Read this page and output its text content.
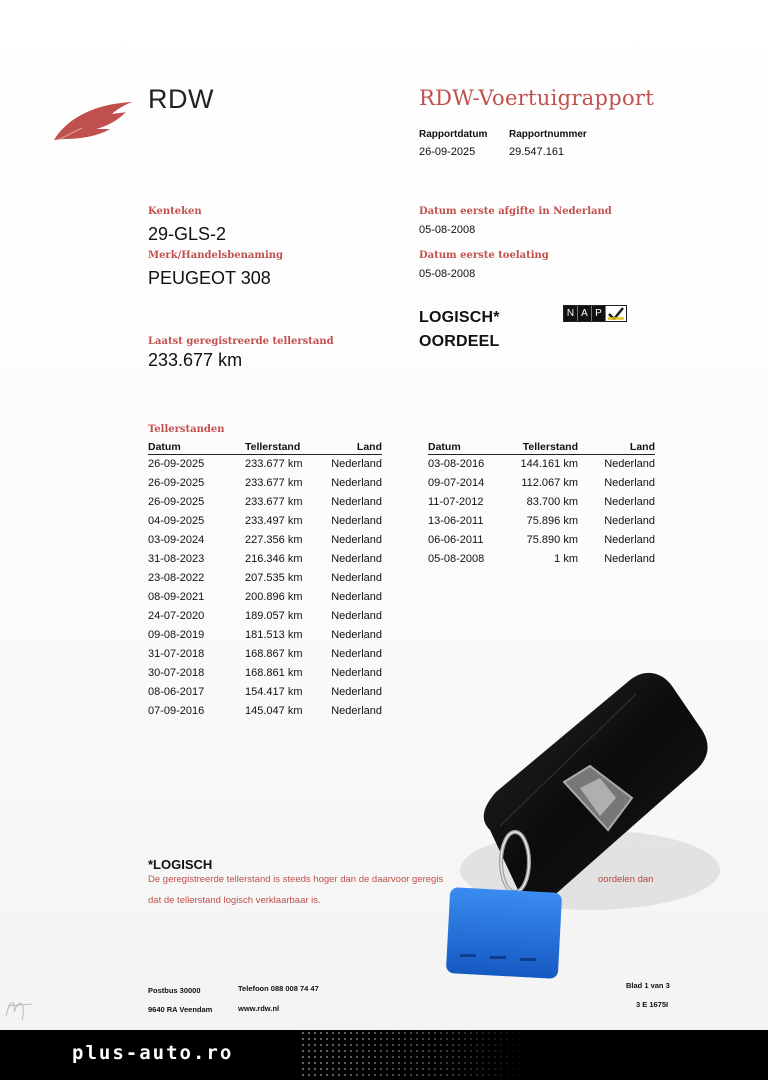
RDW	RDW-Voertuigrapport
Rapportdatum Rapportnummer
26-09-2025	29.547.161
Kenteken
29-GLS-2
Merk/Handelsbenaming
PEUGEOT 308
Laatst geregistreerde tellerstand
233.677 km
Datum eerste afgifte in Nederland
05-08-2008
Datum eerste toelating
05-08-2008
LOGISCH*
OORDEEL
N A P
Tellerstanden
Datum	Tellerstand	Land
26-09-2025	233.677 km	Nederland
26-09-2025	233.677 km	Nederland
26-09-2025	233.677 km	Nederland
04-09-2025	233.497 km	Nederland
03-09-2024	227.356 km	Nederland
31-08-2023	216.346 km	Nederland
23-08-2022	207.535 km	Nederland
08-09-2021	200.896 km	Nederland
24-07-2020	189.057 km	Nederland
09-08-2019	181.513 km	Nederland
31-07-2018	168.867 km	Nederland
30-07-2018	168.861 km	Nederland
08-06-2017	154.417 km	Nederland
07-09-2016	145.047 km	Nederland
Datum	Tellerstand	Land
03-08-2016	144.161 km	Nederland
09-07-2014	112.067 km	Nederland
11-07-2012	83.700 km	Nederland
13-06-2011	75.896 km	Nederland
06-06-2011	75.890 km	Nederland
05-08-2008	1 km	Nederland
*LOGISCH
De geregistreerde tellerstand is steeds hoger dan de daarvoor geregis	oordelen dan
dat de tellerstand logisch verklaarbaar is.
Postbus 30000
9640 RA Veendam
Telefoon 088 008 74 47
www.rdw.nl
Blad 1 van 3
3 E 1675I
plus-auto.ro
